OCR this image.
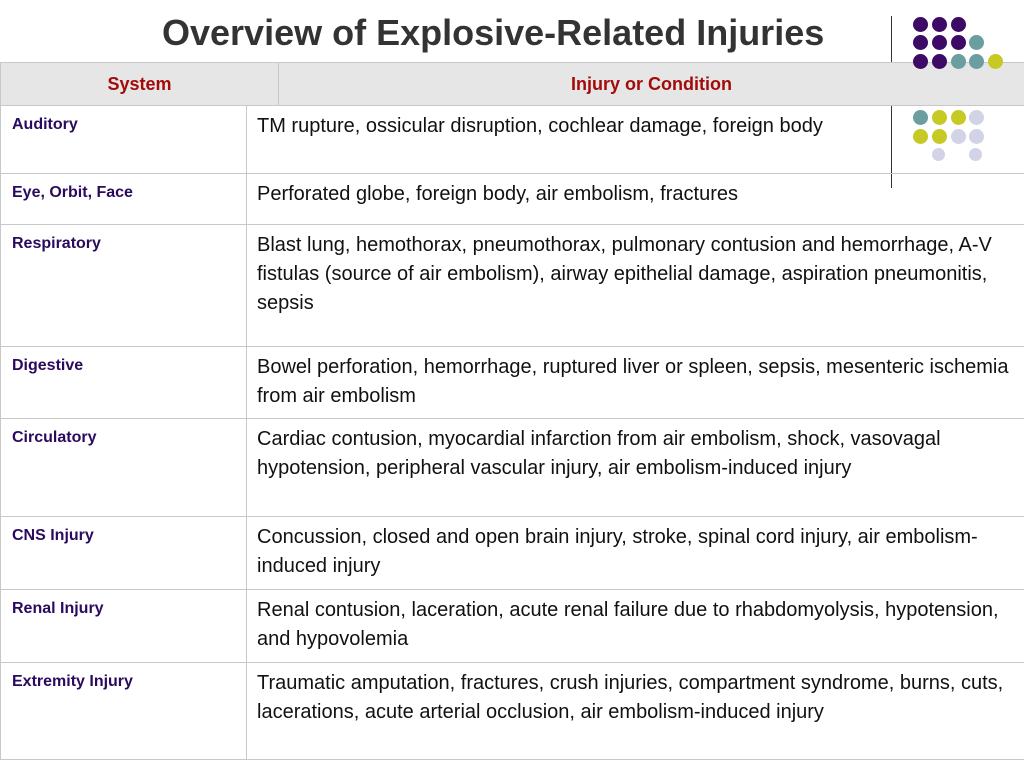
Overview of Explosive-Related Injuries
System		Injury or Condition
Auditory	TM rupture, ossicular disruption, cochlear damage, foreign body	
Eye, Orbit, Face	Perforated globe, foreign body, air embolism, fractures	
Respiratory	Blast lung, hemothorax, pneumothorax, pulmonary contusion and hemorrhage, A-V fistulas (source of air embolism), airway epithelial damage, aspiration pneumonitis, sepsis	
Digestive	Bowel perforation, hemorrhage, ruptured liver or spleen, sepsis, mesenteric ischemia from air embolism	
Circulatory	Cardiac contusion, myocardial infarction from air embolism, shock, vasovagal hypotension, peripheral vascular injury, air embolism-induced injury	
CNS Injury	Concussion, closed and open brain injury, stroke, spinal cord injury, air embolism-induced injury	
Renal Injury	Renal contusion, laceration, acute renal failure due to rhabdomyolysis, hypotension, and hypovolemia	
Extremity Injury	Traumatic amputation, fractures, crush injuries, compartment syndrome, burns, cuts, lacerations, acute arterial occlusion, air embolism-induced injury	
